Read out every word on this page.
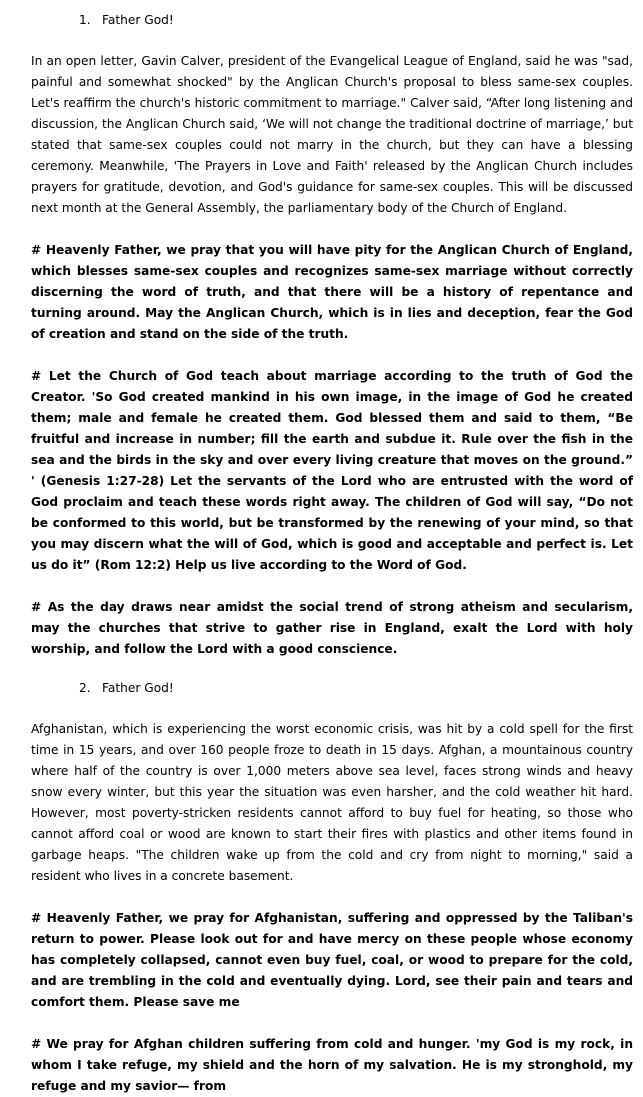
1. Father God!

In an open letter, Gavin Calver, president of the Evangelical League of England, said he was "sad, painful and somewhat shocked" by the Anglican Church's proposal to bless same-sex couples. Let's reaffirm the church's historic commitment to marriage." Calver said, “After long listening and discussion, the Anglican Church said, ‘We will not change the traditional doctrine of marriage,’ but stated that same-sex couples could not marry in the church, but they can have a blessing ceremony. Meanwhile, 'The Prayers in Love and Faith' released by the Anglican Church includes prayers for gratitude, devotion, and God's guidance for same-sex couples. This will be discussed next month at the General Assembly, the parliamentary body of the Church of England.

# Heavenly Father, we pray that you will have pity for the Anglican Church of England, which blesses same-sex couples and recognizes same-sex marriage without correctly discerning the word of truth, and that there will be a history of repentance and turning around. May the Anglican Church, which is in lies and deception, fear the God of creation and stand on the side of the truth.

# Let the Church of God teach about marriage according to the truth of God the Creator. 'So God created mankind in his own image, in the image of God he created them; male and female he created them. God blessed them and said to them, “Be fruitful and increase in number; fill the earth and subdue it. Rule over the fish in the sea and the birds in the sky and over every living creature that moves on the ground.” ' (Genesis 1:27-28) Let the servants of the Lord who are entrusted with the word of God proclaim and teach these words right away. The children of God will say, “Do not be conformed to this world, but be transformed by the renewing of your mind, so that you may discern what the will of God, which is good and acceptable and perfect is. Let us do it” (Rom 12:2) Help us live according to the Word of God.

# As the day draws near amidst the social trend of strong atheism and secularism, may the churches that strive to gather rise in England, exalt the Lord with holy worship, and follow the Lord with a good conscience.

2. Father God!

Afghanistan, which is experiencing the worst economic crisis, was hit by a cold spell for the first time in 15 years, and over 160 people froze to death in 15 days. Afghan, a mountainous country where half of the country is over 1,000 meters above sea level, faces strong winds and heavy snow every winter, but this year the situation was even harsher, and the cold weather hit hard. However, most poverty-stricken residents cannot afford to buy fuel for heating, so those who cannot afford coal or wood are known to start their fires with plastics and other items found in garbage heaps. "The children wake up from the cold and cry from night to morning," said a resident who lives in a concrete basement.

# Heavenly Father, we pray for Afghanistan, suffering and oppressed by the Taliban's return to power. Please look out for and have mercy on these people whose economy has completely collapsed, cannot even buy fuel, coal, or wood to prepare for the cold, and are trembling in the cold and eventually dying. Lord, see their pain and tears and comfort them. Please save me

# We pray for Afghan children suffering from cold and hunger. 'my God is my rock, in whom I take refuge, my shield and the horn of my salvation. He is my stronghold, my refuge and my savior— from
